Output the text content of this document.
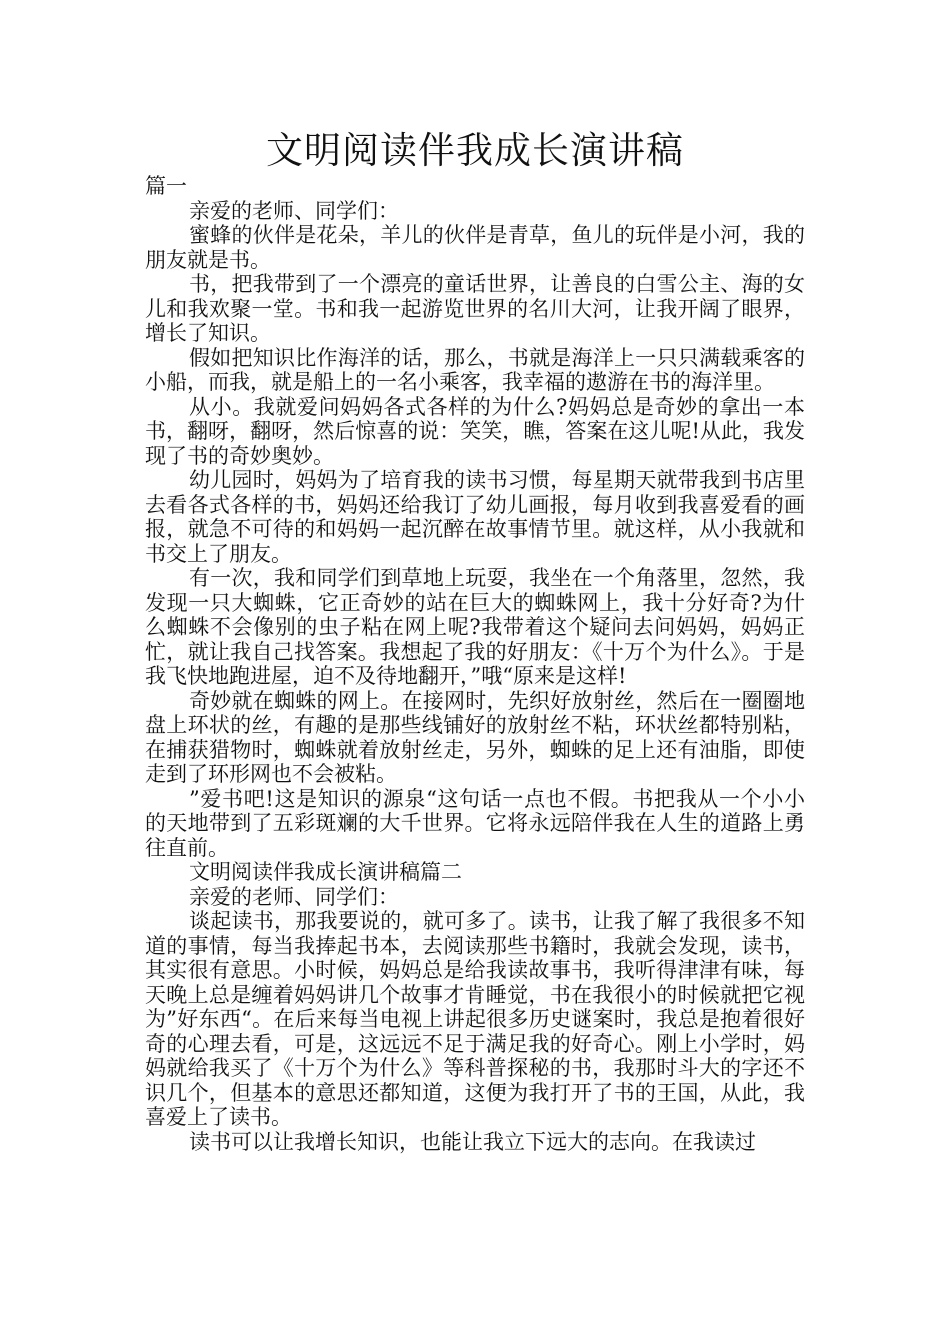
文明阅读伴我成长演讲稿

篇一

亲爱的老师、同学们：

蜜蜂的伙伴是花朵，羊儿的伙伴是青草，鱼儿的玩伴是小河，我的朋友就是书。

书，把我带到了一个漂亮的童话世界，让善良的白雪公主、海的女儿和我欢聚一堂。书和我一起游览世界的名川大河，让我开阔了眼界，增长了知识。

假如把知识比作海洋的话，那么，书就是海洋上一只只满载乘客的小船，而我，就是船上的一名小乘客，我幸福的遨游在书的海洋里。

从小。我就爱问妈妈各式各样的为什么?妈妈总是奇妙的拿出一本书，翻呀，翻呀，然后惊喜的说：笑笑，瞧，答案在这儿呢!从此，我发现了书的奇妙奥妙。

幼儿园时，妈妈为了培育我的读书习惯，每星期天就带我到书店里去看各式各样的书，妈妈还给我订了幼儿画报，每月收到我喜爱看的画报，就急不可待的和妈妈一起沉醉在故事情节里。就这样，从小我就和书交上了朋友。

有一次，我和同学们到草地上玩耍，我坐在一个角落里，忽然，我发现一只大蜘蛛，它正奇妙的站在巨大的蜘蛛网上，我十分好奇?为什么蜘蛛不会像别的虫子粘在网上呢?我带着这个疑问去问妈妈，妈妈正忙，就让我自己找答案。我想起了我的好朋友：《十万个为什么》。于是我飞快地跑进屋，迫不及待地翻开，”哦“原来是这样!

奇妙就在蜘蛛的网上。在接网时，先织好放射丝，然后在一圈圈地盘上环状的丝，有趣的是那些线铺好的放射丝不粘，环状丝都特别粘，在捕获猎物时，蜘蛛就着放射丝走，另外，蜘蛛的足上还有油脂，即使走到了环形网也不会被粘。

”爱书吧!这是知识的源泉“这句话一点也不假。书把我从一个小小的天地带到了五彩斑斓的大千世界。它将永远陪伴我在人生的道路上勇往直前。

文明阅读伴我成长演讲稿篇二

亲爱的老师、同学们：

谈起读书，那我要说的，就可多了。读书，让我了解了我很多不知道的事情，每当我捧起书本，去阅读那些书籍时，我就会发现，读书，其实很有意思。小时候，妈妈总是给我读故事书，我听得津津有味，每天晚上总是缠着妈妈讲几个故事才肯睡觉，书在我很小的时候就把它视为”好东西“。在后来每当电视上讲起很多历史谜案时，我总是抱着很好奇的心理去看，可是，这远远不足于满足我的好奇心。刚上小学时，妈妈就给我买了《十万个为什么》等科普探秘的书，我那时斗大的字还不识几个，但基本的意思还都知道，这便为我打开了书的王国，从此，我喜爱上了读书。

读书可以让我增长知识，也能让我立下远大的志向。在我读过
